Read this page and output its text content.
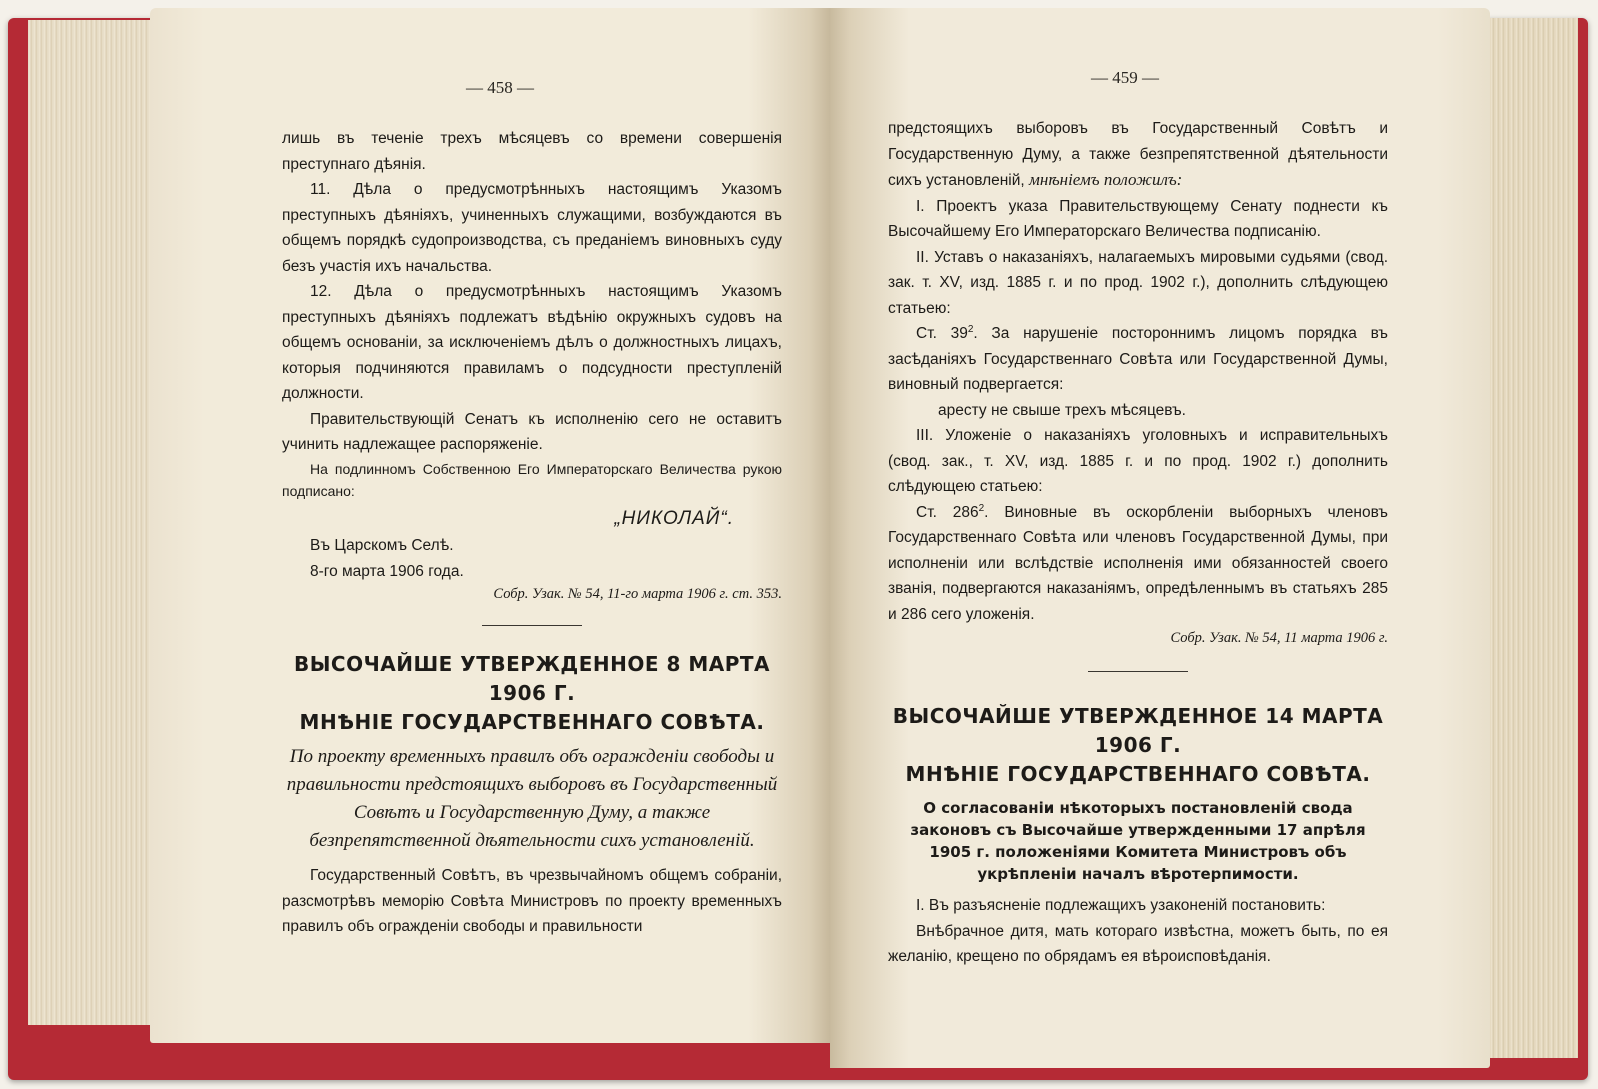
— 458 —

лишь въ теченіе трехъ мѣсяцевъ со времени совершенія преступнаго дѣянія.

11. Дѣла о предусмотрѣнныхъ настоящимъ Указомъ преступныхъ дѣяніяхъ, учиненныхъ служащими, возбуждаются въ общемъ порядкѣ судопроизводства, съ преданіемъ виновныхъ суду безъ участія ихъ начальства.

12. Дѣла о предусмотрѣнныхъ настоящимъ Указомъ преступныхъ дѣяніяхъ подлежатъ вѣдѣнію окружныхъ судовъ на общемъ основаніи, за исключеніемъ дѣлъ о должностныхъ лицахъ, которыя подчиняются правиламъ о подсудности преступленій должности.

Правительствующій Сенатъ къ исполненію сего не оставитъ учинить надлежащее распоряженіе.

На подлинномъ Собственною Его Императорскаго Величества рукою подписано:

„НИКОЛАЙ“.

Въ Царскомъ Селѣ.

8-го марта 1906 года.

Собр. Узак. № 54, 11-го марта 1906 г. ст. 353.

ВЫСОЧАЙШЕ УТВЕРЖДЕННОЕ 8 МАРТА 1906 Г.

МНѢНІЕ ГОСУДАРСТВЕННАГО СОВѢТА.

По проекту временныхъ правилъ объ огражденіи свободы и правильности предстоящихъ выборовъ въ Государственный Совѣтъ и Государственную Думу, а также безпрепятственной дѣятельности сихъ установленій.

Государственный Совѣтъ, въ чрезвычайномъ общемъ собраніи, разсмотрѣвъ меморію Совѣта Министровъ по проекту временныхъ правилъ объ огражденіи свободы и правильности

— 459 —

предстоящихъ выборовъ въ Государственный Совѣтъ и Государственную Думу, а также безпрепятственной дѣятельности сихъ установленій, мнѣніемъ положилъ:

I. Проектъ указа Правительствующему Сенату поднести къ Высочайшему Его Императорскаго Величества подписанію.

II. Уставъ о наказаніяхъ, налагаемыхъ мировыми судьями (свод. зак. т. XV, изд. 1885 г. и по прод. 1902 г.), дополнить слѣдующею статьею:

Ст. $39^2$. За нарушеніе постороннимъ лицомъ порядка въ засѣданіяхъ Государственнаго Совѣта или Государственной Думы, виновный подвергается:

аресту не свыше трехъ мѣсяцевъ.

III. Уложеніе о наказаніяхъ уголовныхъ и исправительныхъ (свод. зак., т. XV, изд. 1885 г. и по прод. 1902 г.) дополнить слѣдующею статьею:

Ст. $286^2$. Виновные въ оскорбленіи выборныхъ членовъ Государственнаго Совѣта или членовъ Государственной Думы, при исполненіи или вслѣдствіе исполненія ими обязанностей своего званія, подвергаются наказаніямъ, опредѣленнымъ въ статьяхъ 285 и 286 сего уложенія.

Собр. Узак. № 54, 11 марта 1906 г.

ВЫСОЧАЙШЕ УТВЕРЖДЕННОЕ 14 МАРТА 1906 Г.

МНѢНІЕ ГОСУДАРСТВЕННАГО СОВѢТА.

О согласованіи нѣкоторыхъ постановленій свода законовъ съ Высочайше утвержденными 17 апрѣля 1905 г. положеніями Комитета Министровъ объ укрѣпленіи началъ вѣротерпимости.

I. Въ разъясненіе подлежащихъ узаконеній постановить:

Внѣбрачное дитя, мать котораго извѣстна, можетъ быть, по ея желанію, крещено по обрядамъ ея вѣроисповѣданія.
